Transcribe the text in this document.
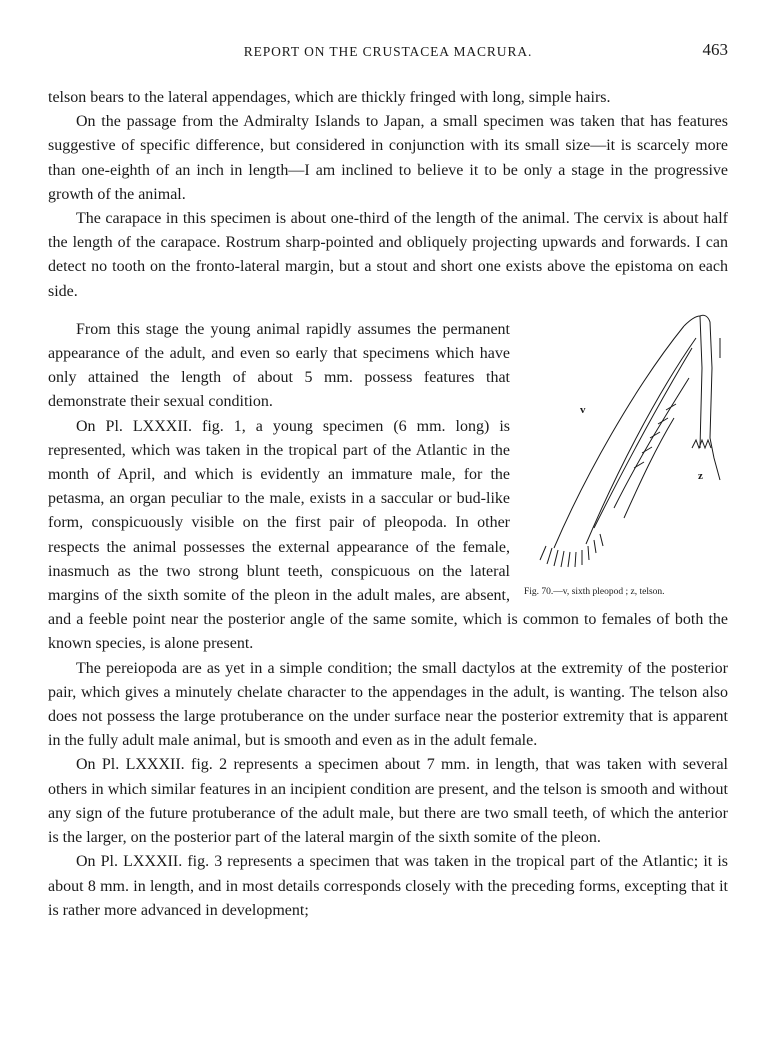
REPORT ON THE CRUSTACEA MACRURA.	463

telson bears to the lateral appendages, which are thickly fringed with long, simple hairs.

On the passage from the Admiralty Islands to Japan, a small specimen was taken that has features suggestive of specific difference, but considered in conjunction with its small size—it is scarcely more than one-eighth of an inch in length—I am inclined to believe it to be only a stage in the progressive growth of the animal.

The carapace in this specimen is about one-third of the length of the animal. The cervix is about half the length of the carapace. Rostrum sharp-pointed and obliquely projecting upwards and forwards. I can detect no tooth on the fronto-lateral margin, but a stout and short one exists above the epistoma on each side.

v
z
Fig. 70.—v, sixth pleopod ; z, telson.

From this stage the young animal rapidly assumes the permanent appearance of the adult, and even so early that specimens which have only attained the length of about 5 mm. possess features that demonstrate their sexual condition.

On Pl. LXXXII. fig. 1, a young specimen (6 mm. long) is represented, which was taken in the tropical part of the Atlantic in the month of April, and which is evidently an immature male, for the petasma, an organ peculiar to the male, exists in a saccular or bud-like form, conspicuously visible on the first pair of pleopoda. In other respects the animal possesses the external appearance of the female, inasmuch as the two strong blunt teeth, conspicuous on the lateral margins of the sixth somite of the pleon in the adult males, are absent, and a feeble point near the posterior angle of the same somite, which is common to females of both the known species, is alone present.

The pereiopoda are as yet in a simple condition; the small dactylos at the extremity of the posterior pair, which gives a minutely chelate character to the appendages in the adult, is wanting. The telson also does not possess the large protuberance on the under surface near the posterior extremity that is apparent in the fully adult male animal, but is smooth and even as in the adult female.

On Pl. LXXXII. fig. 2 represents a specimen about 7 mm. in length, that was taken with several others in which similar features in an incipient condition are present, and the telson is smooth and without any sign of the future protuberance of the adult male, but there are two small teeth, of which the anterior is the larger, on the posterior part of the lateral margin of the sixth somite of the pleon.

On Pl. LXXXII. fig. 3 represents a specimen that was taken in the tropical part of the Atlantic; it is about 8 mm. in length, and in most details corresponds closely with the preceding forms, excepting that it is rather more advanced in development;
